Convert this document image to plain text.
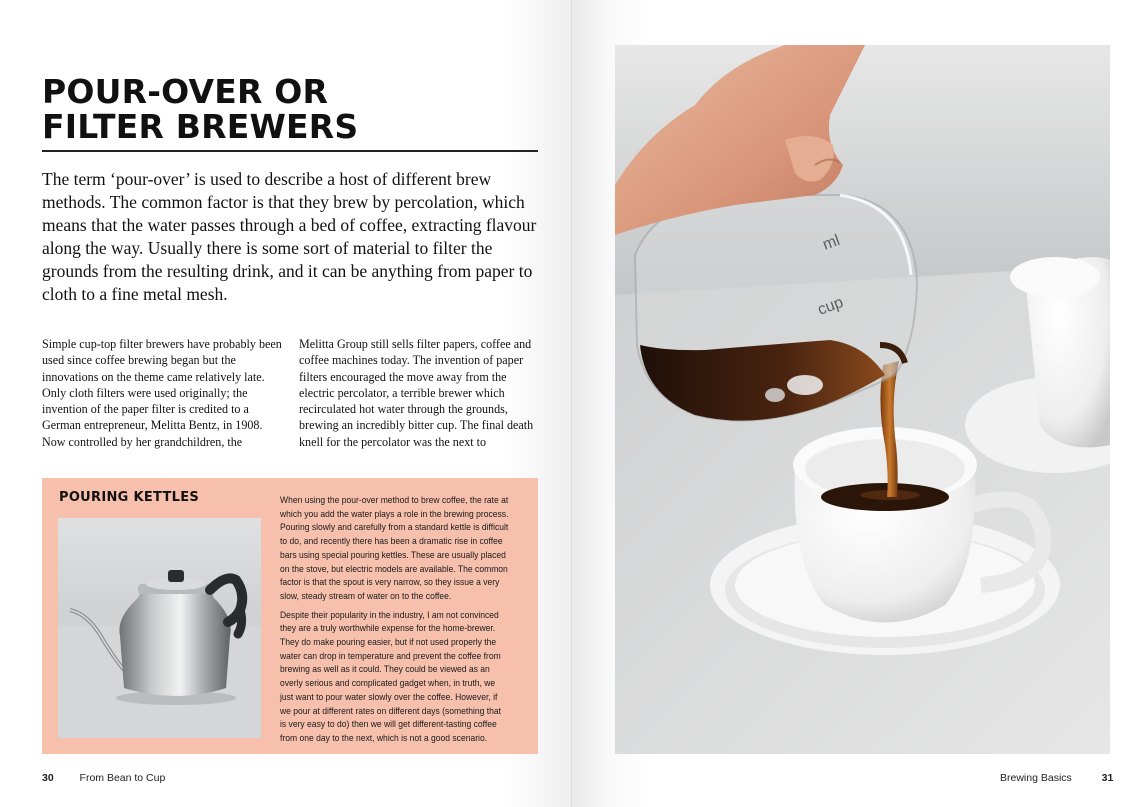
POUR-OVER OR
FILTER BREWERS

The term ‘pour-over’ is used to describe a host of different brew methods. The common factor is that they brew by percolation, which means that the water passes through a bed of coffee, extracting flavour along the way. Usually there is some sort of material to filter the grounds from the resulting drink, and it can be anything from paper to cloth to a fine metal mesh.

Simple cup-top filter brewers have probably been used since coffee brewing began but the innovations on the theme came relatively late. Only cloth filters were used originally; the invention of the paper filter is credited to a German entrepreneur, Melitta Bentz, in 1908. Now controlled by her grandchildren, the

Melitta Group still sells filter papers, coffee and coffee machines today. The invention of paper filters encouraged the move away from the electric percolator, a terrible brewer which recirculated hot water through the grounds, brewing an incredibly bitter cup. The final death knell for the percolator was the next to

POURING KETTLES	When using the pour-over method to brew coffee, the rate at which you add the water plays a role in the brewing process. Pouring slowly and carefully from a standard kettle is difficult to do, and recently there has been a dramatic rise in coffee bars using special pouring kettles. These are usually placed on the stove, but electric models are available. The common factor is that the spout is very narrow, so they issue a very slow, steady stream of water on to the coffee.

Despite their popularity in the industry, I am not convinced they are a truly worthwhile expense for the home-brewer. They do make pouring easier, but if not used properly the water can drop in temperature and prevent the coffee from brewing as well as it could. They could be viewed as an overly serious and complicated gadget when, in truth, we just want to pour water slowly over the coffee. However, if we pour at different rates on different days (something that is very easy to do) then we will get different-tasting coffee from one day to the next, which is not a good scenario.

30 From Bean to Cup	Brewing Basics	31
ml
cup
